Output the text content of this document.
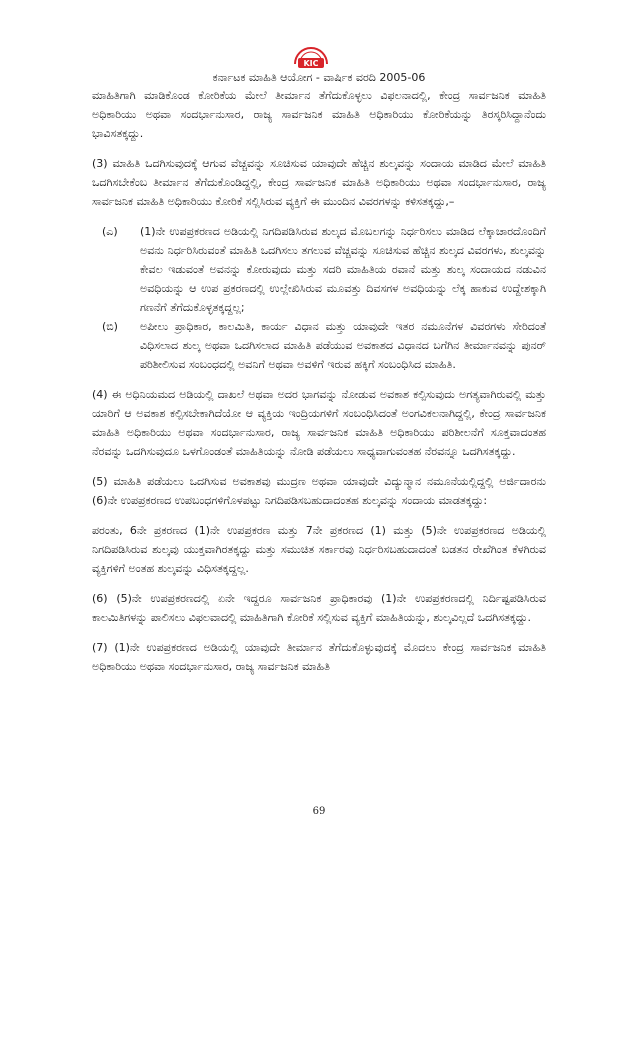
KIC
ಕರ್ನಾಟಕ ಮಾಹಿತಿ ಆಯೋಗ - ವಾರ್ಷಿಕ ವರದಿ 2005-06

ಮಾಹಿತಿಗಾಗಿ ಮಾಡಿಕೊಂಡ ಕೋರಿಕೆಯ ಮೇಲೆ ತೀರ್ಮಾನ ತೆಗೆದುಕೊಳ್ಳಲು ವಿಫಲನಾದಲ್ಲಿ, ಕೇಂದ್ರ ಸಾರ್ವಜನಿಕ ಮಾಹಿತಿ ಅಧಿಕಾರಿಯು ಅಥವಾ ಸಂದರ್ಭಾನುಸಾರ, ರಾಜ್ಯ ಸಾರ್ವಜನಿಕ ಮಾಹಿತಿ ಅಧಿಕಾರಿಯು ಕೋರಿಕೆಯನ್ನು ತಿರಸ್ಕರಿಸಿದ್ದಾನೆಂದು ಭಾವಿಸತಕ್ಕದ್ದು.

(3) ಮಾಹಿತಿ ಒದಗಿಸುವುದಕ್ಕೆ ಆಗುವ ವೆಚ್ಚವನ್ನು ಸೂಚಿಸುವ ಯಾವುದೇ ಹೆಚ್ಚಿನ ಶುಲ್ಕವನ್ನು ಸಂದಾಯ ಮಾಡಿದ ಮೇಲೆ ಮಾಹಿತಿ ಒದಗಿಸಬೇಕೆಂಬ ತೀರ್ಮಾನ ತೆಗೆದುಕೊಂಡಿದ್ದಲ್ಲಿ, ಕೇಂದ್ರ ಸಾರ್ವಜನಿಕ ಮಾಹಿತಿ ಅಧಿಕಾರಿಯು ಅಥವಾ ಸಂದರ್ಭಾನುಸಾರ, ರಾಜ್ಯ ಸಾರ್ವಜನಿಕ ಮಾಹಿತಿ ಅಧಿಕಾರಿಯು ಕೋರಿಕೆ ಸಲ್ಲಿಸಿರುವ ವ್ಯಕ್ತಿಗೆ ಈ ಮುಂದಿನ ವಿವರಗಳನ್ನು ಕಳಿಸತಕ್ಕದ್ದು,–

(ಎ)	(1)ನೇ ಉಪಪ್ರಕರಣದ ಅಡಿಯಲ್ಲಿ ನಿಗದಿಪಡಿಸಿರುವ ಶುಲ್ಕದ ಮೊಬಲಗನ್ನು ನಿರ್ಧರಿಸಲು ಮಾಡಿದ ಲೆಕ್ಕಾಚಾರದೊಂದಿಗೆ ಅವನು ನಿರ್ಧರಿಸಿರುವಂತೆ ಮಾಹಿತಿ ಒದಗಿಸಲು ತಗಲುವ ವೆಚ್ಚವನ್ನು ಸೂಚಿಸುವ ಹೆಚ್ಚಿನ ಶುಲ್ಕದ ವಿವರಗಳು, ಶುಲ್ಕವನ್ನು ಕೇವಲ ಇಡುವಂತೆ ಅವನನ್ನು ಕೋರುವುದು ಮತ್ತು ಸದರಿ ಮಾಹಿತಿಯ ರವಾನೆ ಮತ್ತು ಶುಲ್ಕ ಸಂದಾಯದ ನಡುವಿನ ಅವಧಿಯನ್ನು ಆ ಉಪ ಪ್ರಕರಣದಲ್ಲಿ ಉಲ್ಲೇಖಿಸಿರುವ ಮೂವತ್ತು ದಿವಸಗಳ ಅವಧಿಯನ್ನು ಲೆಕ್ಕ ಹಾಕುವ ಉದ್ದೇಶಕ್ಕಾಗಿ ಗಣನೆಗೆ ತೆಗೆದುಕೊಳ್ಳತಕ್ಕದ್ದಲ್ಲ;

(ಬಿ)	ಅಪೀಲು ಪ್ರಾಧಿಕಾರ, ಕಾಲಮಿತಿ, ಕಾರ್ಯ ವಿಧಾನ ಮತ್ತು ಯಾವುದೇ ಇತರ ನಮೂನೆಗಳ ವಿವರಗಳು ಸೇರಿದಂತೆ ವಿಧಿಸಲಾದ ಶುಲ್ಕ ಅಥವಾ ಒದಗಿಸಲಾದ ಮಾಹಿತಿ ಪಡೆಯುವ ಅವಕಾಶದ ವಿಧಾನದ ಬಗೆಗಿನ ತೀರ್ಮಾನವನ್ನು ಪುನರ್ ಪರಿಶೀಲಿಸುವ ಸಂಬಂಧದಲ್ಲಿ ಅವನಿಗೆ ಅಥವಾ ಅವಳಿಗೆ ಇರುವ ಹಕ್ಕಿಗೆ ಸಂಬಂಧಿಸಿದ ಮಾಹಿತಿ.

(4) ಈ ಅಧಿನಿಯಮದ ಅಡಿಯಲ್ಲಿ ದಾಖಲೆ ಅಥವಾ ಅದರ ಭಾಗವನ್ನು ನೋಡುವ ಅವಕಾಶ ಕಲ್ಪಿಸುವುದು ಅಗತ್ಯವಾಗಿರುವಲ್ಲಿ ಮತ್ತು ಯಾರಿಗೆ ಆ ಅವಕಾಶ ಕಲ್ಪಿಸಬೇಕಾಗಿದೆಯೋ ಆ ವ್ಯಕ್ತಿಯ ಇಂದ್ರಿಯಗಳಿಗೆ ಸಂಬಂಧಿಸಿದಂತೆ ಅಂಗವಿಕಲನಾಗಿದ್ದಲ್ಲಿ, ಕೇಂದ್ರ ಸಾರ್ವಜನಿಕ ಮಾಹಿತಿ ಅಧಿಕಾರಿಯು ಅಥವಾ ಸಂದರ್ಭಾನುಸಾರ, ರಾಜ್ಯ ಸಾರ್ವಜನಿಕ ಮಾಹಿತಿ ಅಧಿಕಾರಿಯು ಪರಿಶೀಲನೆಗೆ ಸೂಕ್ತವಾದಂತಹ ನೆರವನ್ನು ಒದಗಿಸುವುದೂ ಒಳಗೊಂಡಂತೆ ಮಾಹಿತಿಯನ್ನು ನೋಡಿ ಪಡೆಯಲು ಸಾಧ್ಯವಾಗುವಂತಹ ನೆರವನ್ನೂ ಒದಗಿಸತಕ್ಕದ್ದು.

(5) ಮಾಹಿತಿ ಪಡೆಯಲು ಒದಗಿಸುವ ಅವಕಾಶವು ಮುದ್ರಣ ಅಥವಾ ಯಾವುದೇ ವಿದ್ಯುನ್ಮಾನ ನಮೂನೆಯಲ್ಲಿದ್ದಲ್ಲಿ ಅರ್ಜಿದಾರನು (6)ನೇ ಉಪಪ್ರಕರಣದ ಉಪಬಂಧಗಳಿಗೊಳಪಟ್ಟು ನಿಗದಿಪಡಿಸಬಹುದಾದಂತಹ ಶುಲ್ಕವನ್ನು ಸಂದಾಯ ಮಾಡತಕ್ಕದ್ದು:

ಪರಂತು, 6ನೇ ಪ್ರಕರಣದ (1)ನೇ ಉಪಪ್ರಕರಣ ಮತ್ತು 7ನೇ ಪ್ರಕರಣದ (1) ಮತ್ತು (5)ನೇ ಉಪಪ್ರಕರಣದ ಅಡಿಯಲ್ಲಿ ನಿಗದಿಪಡಿಸಿರುವ ಶುಲ್ಕವು ಯುಕ್ತವಾಗಿರತಕ್ಕದ್ದು ಮತ್ತು ಸಮುಚಿತ ಸರ್ಕಾರವು ನಿರ್ಧರಿಸಬಹುದಾದಂತೆ ಬಡತನ ರೇಖೆಗಿಂತ ಕೆಳಗಿರುವ ವ್ಯಕ್ತಿಗಳಿಗೆ ಅಂತಹ ಶುಲ್ಕವನ್ನು ವಿಧಿಸತಕ್ಕದ್ದಲ್ಲ.

(6) (5)ನೇ ಉಪಪ್ರಕರಣದಲ್ಲಿ ಏನೇ ಇದ್ದರೂ ಸಾರ್ವಜನಿಕ ಪ್ರಾಧಿಕಾರವು (1)ನೇ ಉಪಪ್ರಕರಣದಲ್ಲಿ ನಿರ್ದಿಷ್ಟಪಡಿಸಿರುವ ಕಾಲಮಿತಿಗಳನ್ನು ಪಾಲಿಸಲು ವಿಫಲವಾದಲ್ಲಿ ಮಾಹಿತಿಗಾಗಿ ಕೋರಿಕೆ ಸಲ್ಲಿಸುವ ವ್ಯಕ್ತಿಗೆ ಮಾಹಿತಿಯನ್ನು, ಶುಲ್ಕವಿಲ್ಲದೆ ಒದಗಿಸತಕ್ಕದ್ದು.

(7) (1)ನೇ ಉಪಪ್ರಕರಣದ ಅಡಿಯಲ್ಲಿ ಯಾವುದೇ ತೀರ್ಮಾನ ತೆಗೆದುಕೊಳ್ಳುವುದಕ್ಕೆ ಮೊದಲು ಕೇಂದ್ರ ಸಾರ್ವಜನಿಕ ಮಾಹಿತಿ ಅಧಿಕಾರಿಯು ಅಥವಾ ಸಂದರ್ಭಾನುಸಾರ, ರಾಜ್ಯ ಸಾರ್ವಜನಿಕ ಮಾಹಿತಿ

69
